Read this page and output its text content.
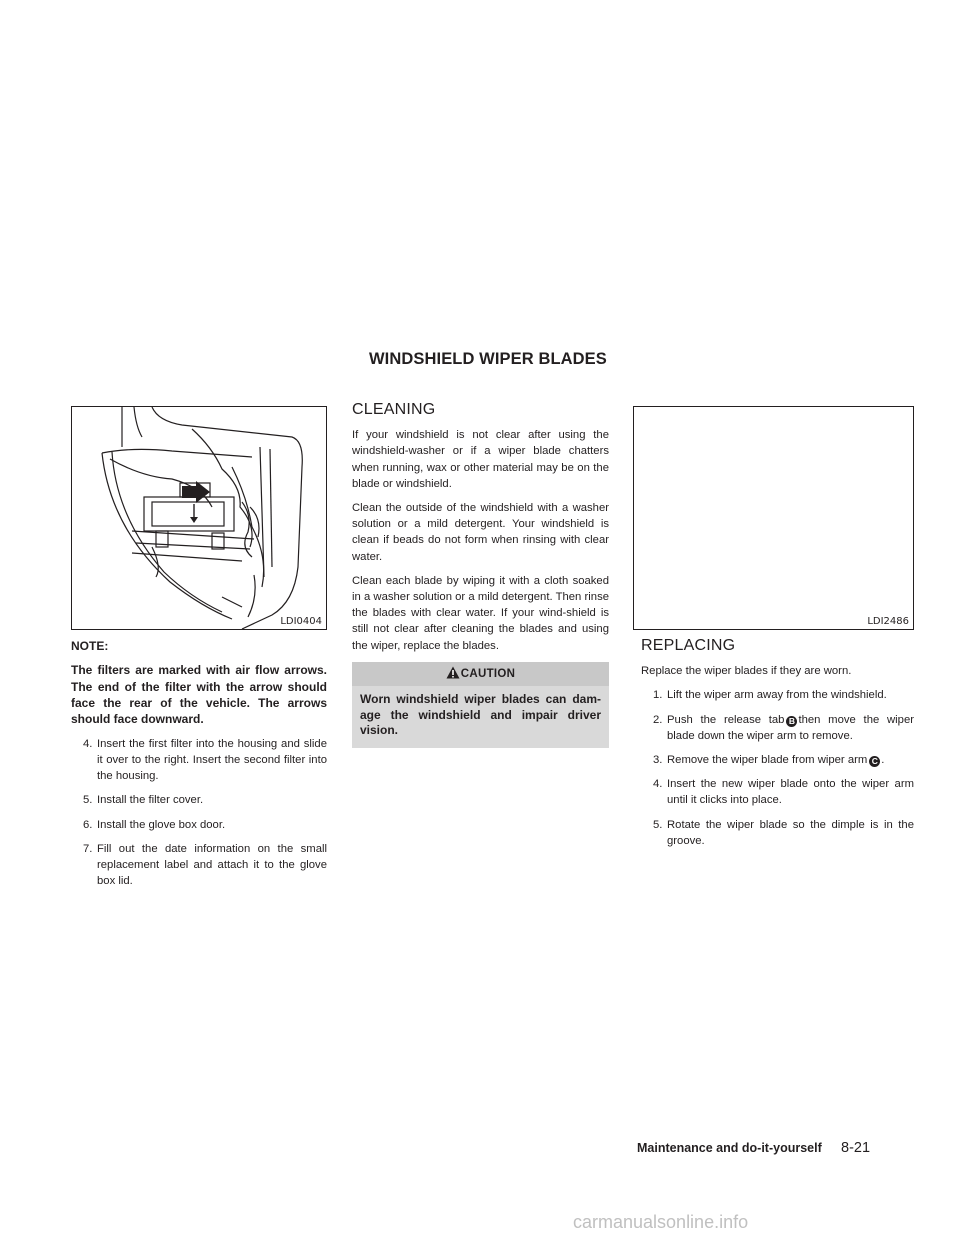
WINDSHIELD WIPER BLADES
LDI0404	LDI2486

NOTE:

The filters are marked with air flow arrows. The end of the filter with the arrow should face the rear of the vehicle. The arrows should face downward.

4. Insert the first filter into the housing and slide it over to the right. Insert the second filter into the housing.
5. Install the filter cover.
6. Install the glove box door.
7. Fill out the date information on the small replacement label and attach it to the glove box lid.
CLEANING

If your windshield is not clear after using the windshield-washer or if a wiper blade chatters when running, wax or other material may be on the blade or windshield.

Clean the outside of the windshield with a washer solution or a mild detergent. Your windshield is clean if beads do not form when rinsing with clear water.

Clean each blade by wiping it with a cloth soaked in a washer solution or a mild detergent. Then rinse the blades with clear water. If your wind-shield is still not clear after cleaning the blades and using the wiper, replace the blades.

CAUTION
Worn windshield wiper blades can dam-age the windshield and impair driver vision.
REPLACING

Replace the wiper blades if they are worn.

1. Lift the wiper arm away from the windshield.
2. Push the release tab B then move the wiper blade down the wiper arm to remove.
3. Remove the wiper blade from wiper arm C .
4. Insert the new wiper blade onto the wiper arm until it clicks into place.
5. Rotate the wiper blade so the dimple is in the groove.
Maintenance and do-it-yourself 8-21
carmanualsonline.info
